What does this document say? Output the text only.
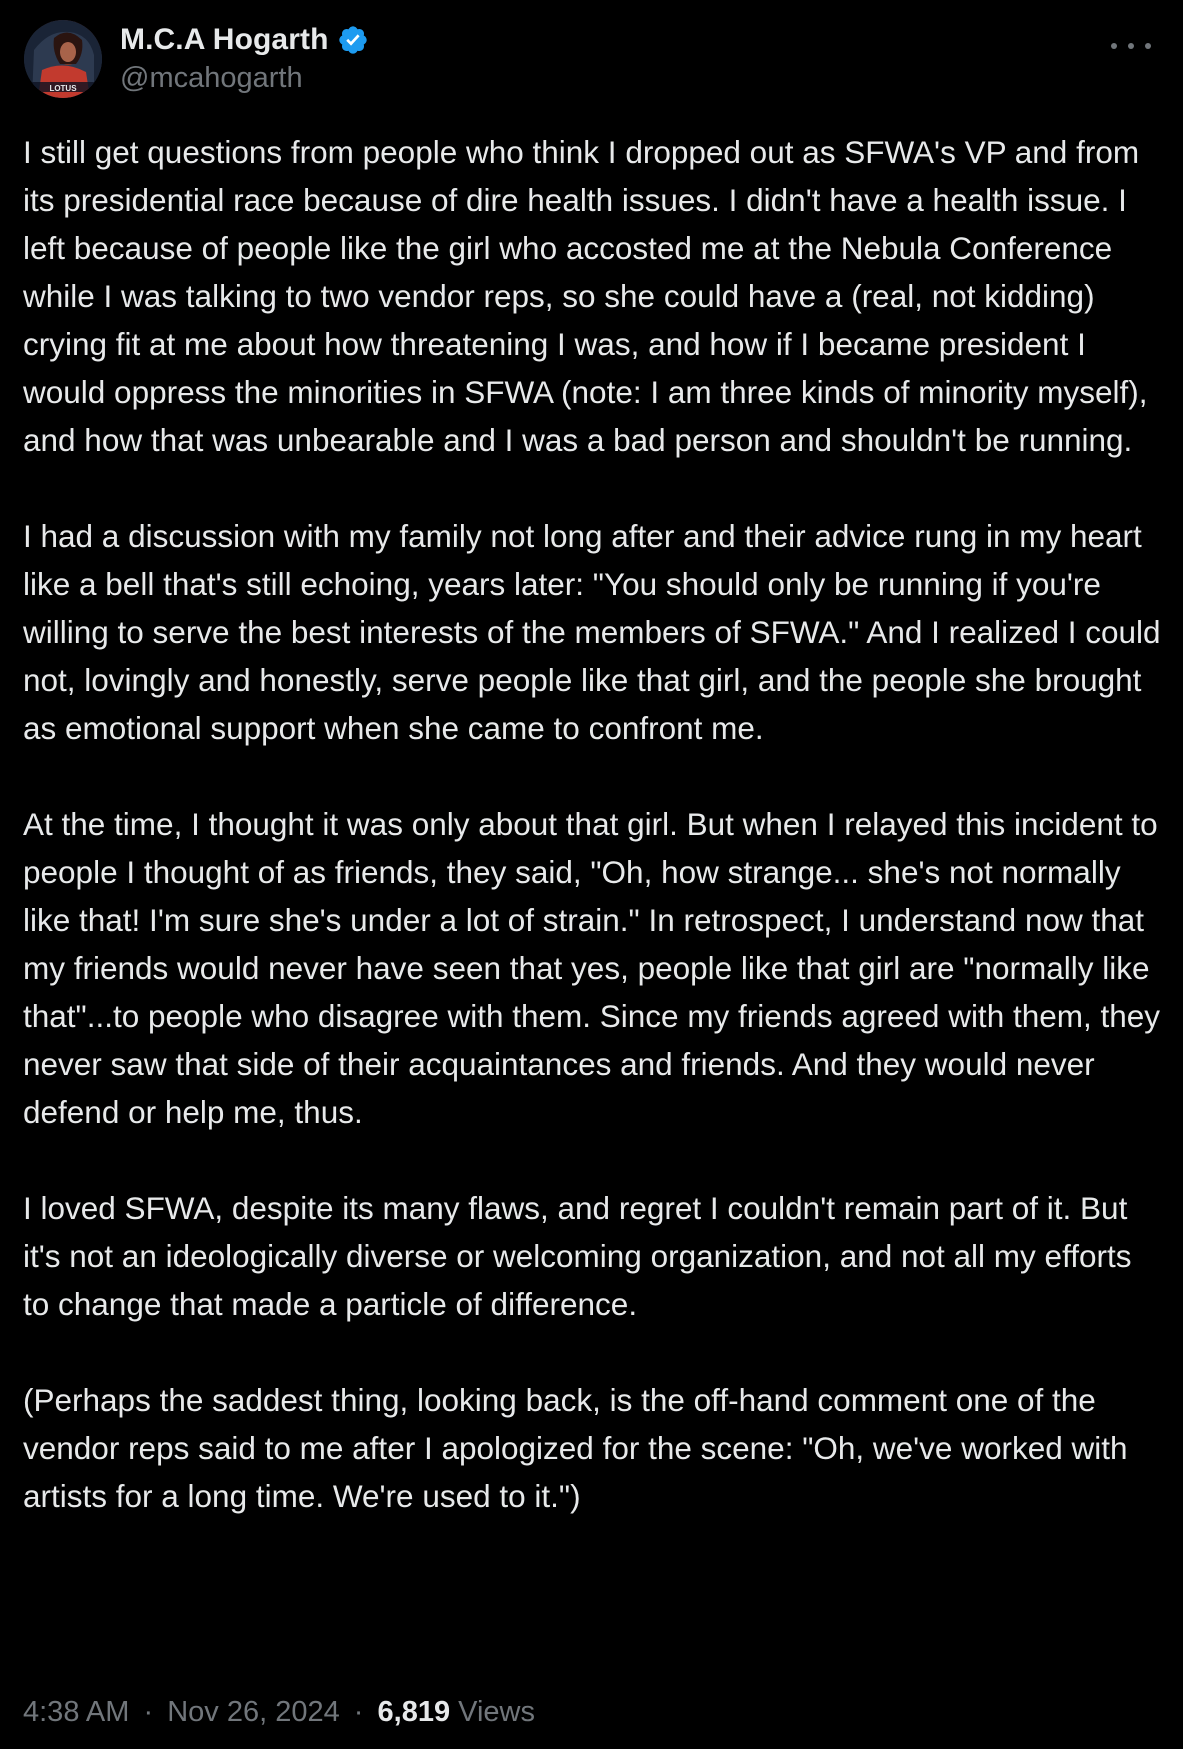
LOTUS
M.C.A Hogarth
@mcahogarth

I still get questions from people who think I dropped out as SFWA's VP and from its presidential race because of dire health issues. I didn't have a health issue. I left because of people like the girl who accosted me at the Nebula Conference while I was talking to two vendor reps, so she could have a (real, not kidding) crying fit at me about how threatening I was, and how if I became president I would oppress the minorities in SFWA (note: I am three kinds of minority myself), and how that was unbearable and I was a bad person and shouldn't be running.

I had a discussion with my family not long after and their advice rung in my heart like a bell that's still echoing, years later: "You should only be running if you're willing to serve the best interests of the members of SFWA." And I realized I could not, lovingly and honestly, serve people like that girl, and the people she brought as emotional support when she came to confront me.

At the time, I thought it was only about that girl. But when I relayed this incident to people I thought of as friends, they said, "Oh, how strange... she's not normally like that! I'm sure she's under a lot of strain." In retrospect, I understand now that my friends would never have seen that yes, people like that girl are "normally like that"...to people who disagree with them. Since my friends agreed with them, they never saw that side of their acquaintances and friends. And they would never defend or help me, thus.

I loved SFWA, despite its many flaws, and regret I couldn't remain part of it. But it's not an ideologically diverse or welcoming organization, and not all my efforts to change that made a particle of difference.

(Perhaps the saddest thing, looking back, is the off-hand comment one of the vendor reps said to me after I apologized for the scene: "Oh, we've worked with artists for a long time. We're used to it.")

4:38 AM · Nov 26, 2024 · 6,819 Views
